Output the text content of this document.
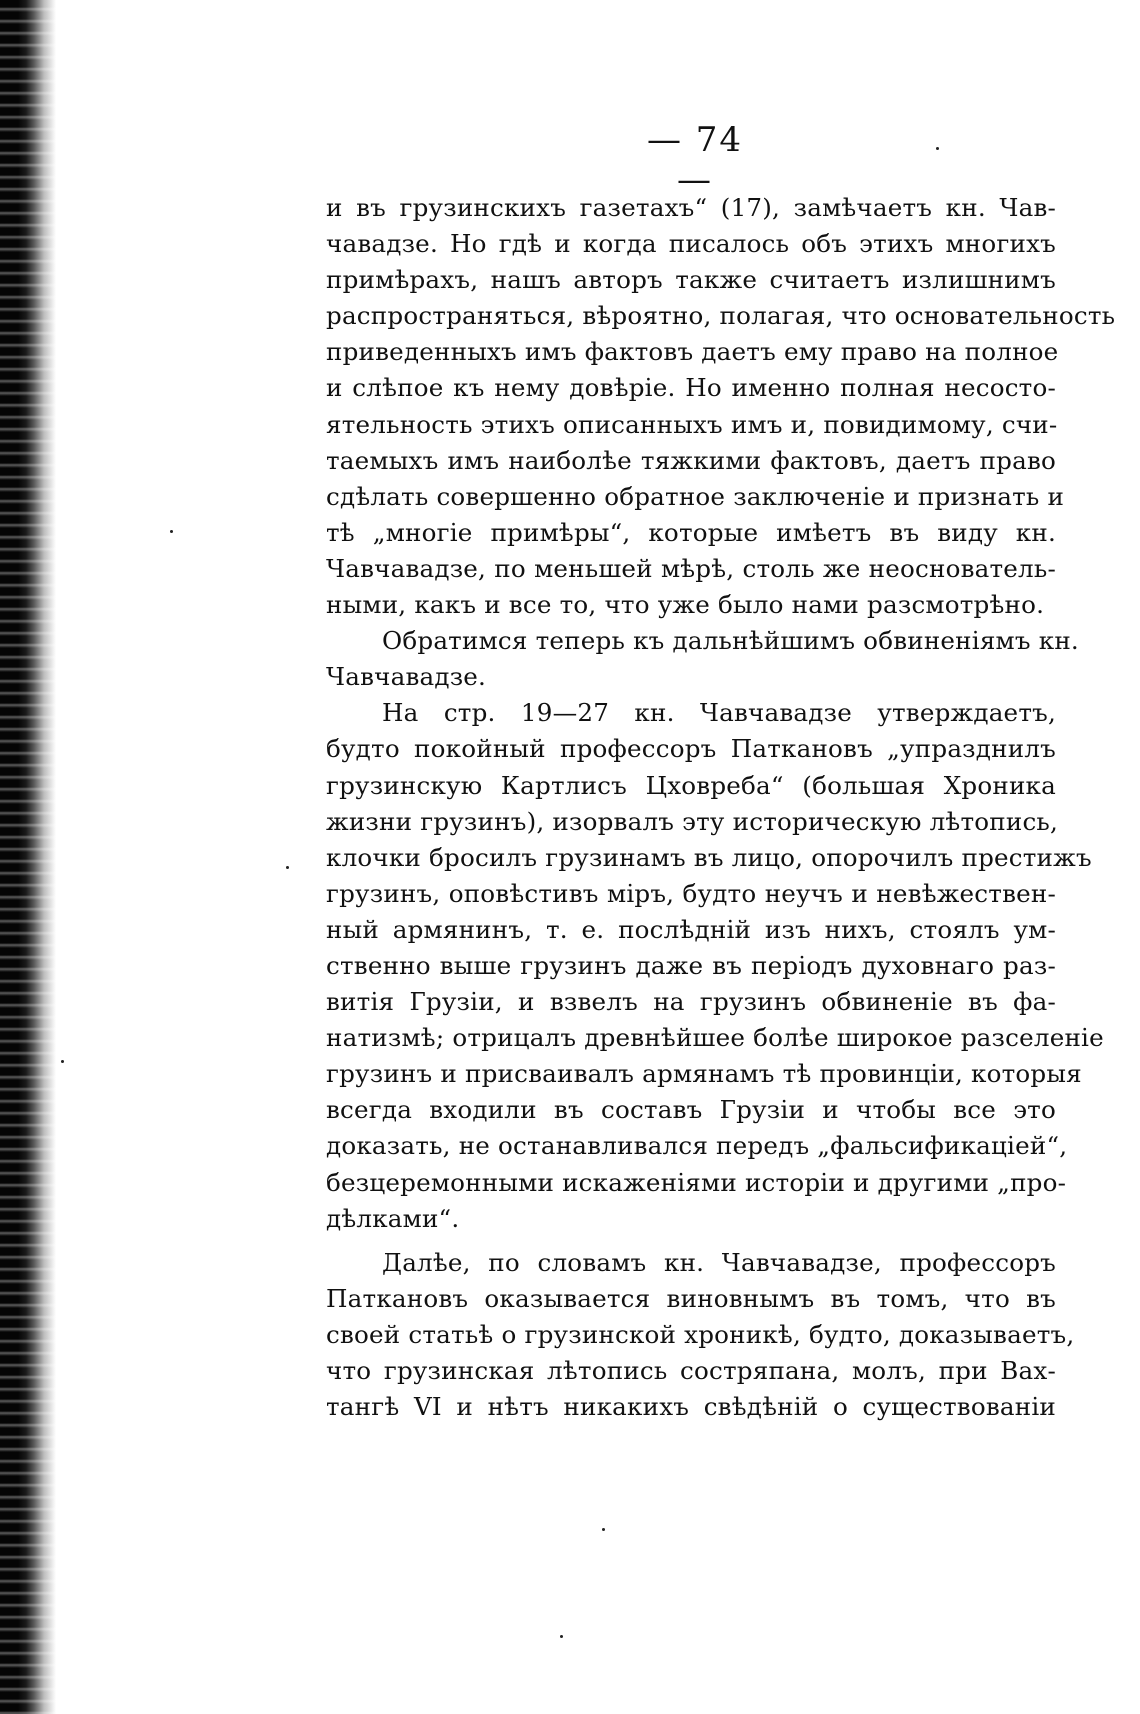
— 74 —
и въ грузинскихъ газетахъ“ (17), замѣчаетъ кн. Чав-
чавадзе. Но гдѣ и когда писалось объ этихъ многихъ
примѣрахъ, нашъ авторъ также считаетъ излишнимъ
распространяться, вѣроятно, полагая, что основательность
приведенныхъ имъ фактовъ даетъ ему право на полное
и слѣпое къ нему довѣріе. Но именно полная несосто-
ятельность этихъ описанныхъ имъ и, повидимому, счи-
таемыхъ имъ наиболѣе тяжкими фактовъ, даетъ право
сдѣлать совершенно обратное заключеніе и признать и
тѣ „многіе примѣры“, которые имѣетъ въ виду кн.
Чавчавадзе, по меньшей мѣрѣ, столь же неоснователь-
ными, какъ и все то, что уже было нами разсмотрѣно.
Обратимся теперь къ дальнѣйшимъ обвиненіямъ кн.
Чавчавадзе.
На стр. 19—27 кн. Чавчавадзе утверждаетъ,
будто покойный профессоръ Паткановъ „упразднилъ
грузинскую Картлисъ Цховреба“ (большая Хроника
жизни грузинъ), изорвалъ эту историческую лѣтопись,
клочки бросилъ грузинамъ въ лицо, опорочилъ престижъ
грузинъ, оповѣстивъ міръ, будто неучъ и невѣжествен-
ный армянинъ, т. е. послѣдній изъ нихъ, стоялъ ум-
ственно выше грузинъ даже въ періодъ духовнаго раз-
витія Грузіи, и взвелъ на грузинъ обвиненіе въ фа-
натизмѣ; отрицалъ древнѣйшее болѣе широкое разселеніе
грузинъ и присваивалъ армянамъ тѣ провинціи, которыя
всегда входили въ составъ Грузіи и чтобы все это
доказать, не останавливался передъ „фальсификаціей“,
безцеремонными искаженіями исторіи и другими „про-
дѣлками“.
Далѣе, по словамъ кн. Чавчавадзе, профессоръ
Паткановъ оказывается виновнымъ въ томъ, что въ
своей статьѣ о грузинской хроникѣ, будто, доказываетъ,
что грузинская лѣтопись состряпана, молъ, при Вах-
тангѣ VI и нѣтъ никакихъ свѣдѣній о существованіи
